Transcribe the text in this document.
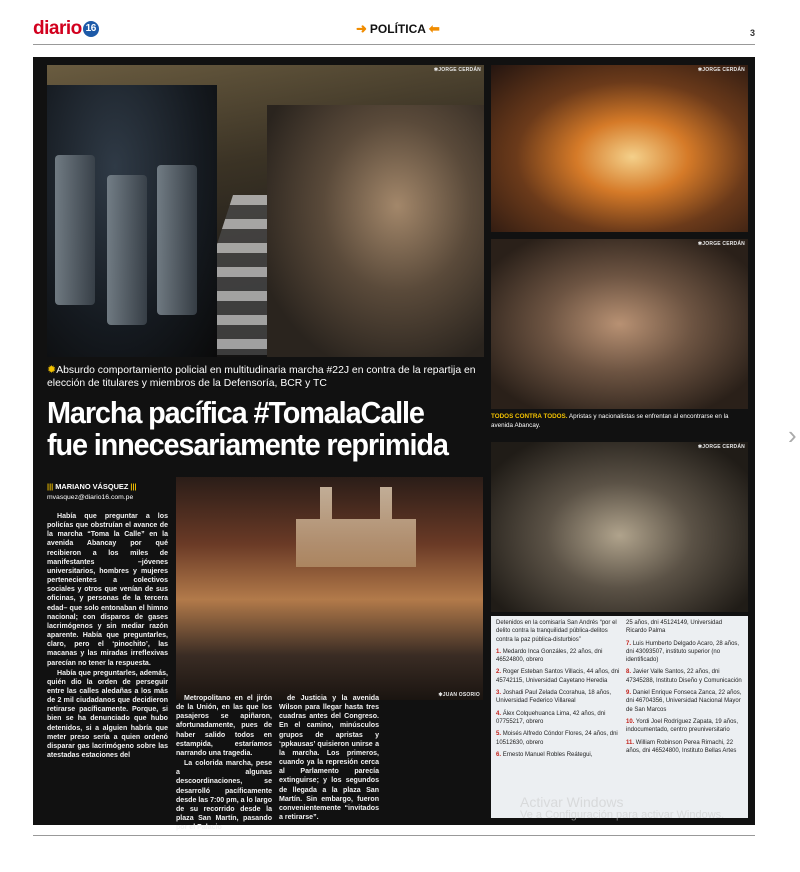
diario 16	➜ POLÍTICA ⬅	3
✱JORGE CERDÁN	✱JORGE CERDÁN
✱JORGE CERDÁN
TODOS CONTRA TODOS. Apristas y nacionalistas se enfrentan al encontrarse en la avenida Abancay.
✱JORGE CERDÁN
✹Absurdo comportamiento policial en multitudinaria marcha #22J en contra de la repartija en elección de titulares y miembros de la Defensoría, BCR y TC
Marcha pacífica #TomalaCalle
fue innecesariamente reprimida
||| MARIANO VÁSQUEZ |||
mvasquez@diario16.com.pe

Había que preguntar a los policías que obstruían el avance de la marcha “Toma la Calle” en la avenida Abancay por qué recibieron a los miles de manifestantes –jóvenes universitarios, hombres y mujeres pertenecientes a colectivos sociales y otros que venían de sus oficinas, y personas de la tercera edad– que solo entonaban el himno nacional; con disparos de gases lacrimógenos y sin mediar razón aparente. Había que preguntarles, claro, pero el ‘pinochito’, las macanas y las miradas irreflexivas parecían no tener la respuesta.

Había que preguntarles, además, quién dio la orden de perseguir entre las calles aledañas a los más de 2 mil ciudadanos que decidieron retirarse pacíficamente. Porque, si bien se ha denunciado que hubo detenidos, si a alguien habría que meter preso sería a quien ordenó disparar gas lacrimógeno sobre las atestadas estaciones del

✱JUAN OSORIO

Metropolitano en el jirón de la Unión, en las que los pasajeros se apiñaron, afortunadamente, pues de haber salido todos en estampida, estaríamos narrando una tragedia.

La colorida marcha, pese a algunas descoordinaciones, se desarrolló pacíficamente desde las 7:00 pm, a lo largo de su recorrido desde la plaza San Martín, pasando por el Palacio

de Justicia y la avenida Wilson para llegar hasta tres cuadras antes del Congreso. En el camino, minúsculos grupos de apristas y ‘ppkausas’ quisieron unirse a la marcha. Los primeros, cuando ya la represión cerca al Parlamento parecía extinguirse; y los segundos de llegada a la plaza San Martín. Sin embargo, fueron convenientemente “invitados a retirarse”.

Detenidos en la comisaría San Andrés “por el delito contra la tranquilidad pública-delitos contra la paz pública-disturbios”
1. Medardo Inca Gonzáles, 22 años, dni 46524800, obrero
2. Roger Esteban Santos Villacis, 44 años, dni 45742115, Universidad Cayetano Heredia
3. Joshadi Paul Zelada Ccorahua, 18 años, Universidad Federico Villareal
4. Álex Colquehuanca Lima, 42 años, dni 07755217, obrero
5. Moisés Alfredo Cóndor Flores, 24 años, dni 10512630, obrero
6. Ernesto Manuel Robles Reátegui,
25 años, dni 45124149, Universidad Ricardo Palma
7. Luis Humberto Delgado Acaro, 28 años, dni 43093507, instituto superior (no identificado)
8. Javier Valle Santos, 22 años, dni 47345288, Instituto Diseño y Comunicación
9. Daniel Enrique Fonseca Zanca, 22 años, dni 46704356, Universidad Nacional Mayor de San Marcos
10. Yordi Joel Rodríguez Zapata, 19 años, indocumentado, centro preuniversitario
11. William Robinson Perea Rimachi, 22 años, dni 46524800, Instituto Bellas Artes
Activar Windows
Ve a Configuración para activar Windows.
›
